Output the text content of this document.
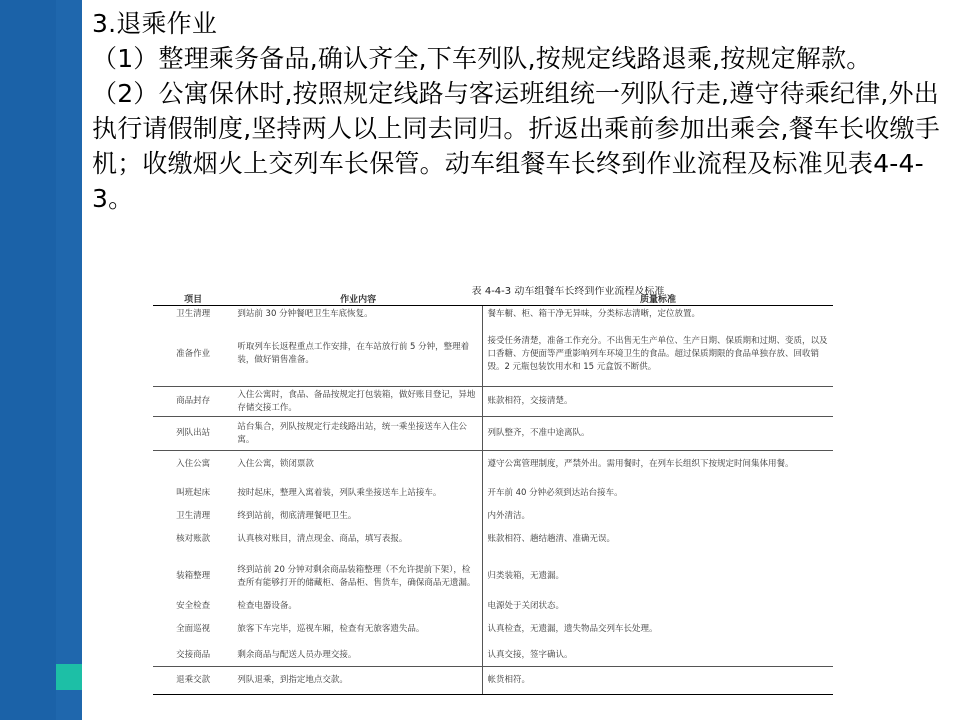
3.退乘作业

（1）整理乘务备品,确认齐全,下车列队,按规定线路退乘,按规定解款。

（2）公寓保休时,按照规定线路与客运班组统一列队行走,遵守待乘纪律,外出执行请假制度,坚持两人以上同去同归。折返出乘前参加出乘会,餐车长收缴手机；收缴烟火上交列车长保管。动车组餐车长终到作业流程及标准见表4-4-3。

表 4-4-3 动车组餐车长终到作业流程及标准
项目	作业内容	质量标准
卫生清理	到站前 30 分钟餐吧卫生车底恢复。	餐车橱、柜、箱干净无异味，分类标志清晰，定位放置。
准备作业	听取列车长返程重点工作安排，在车站放行前 5 分钟，整理着装，做好销售准备。	接受任务清楚，准备工作充分。不出售无生产单位、生产日期、保质期和过期、变质，以及口香糖、方便面等严重影响列车环境卫生的食品。超过保质期限的食品单独存放、回收销毁。2 元瓶包装饮用水和 15 元盒饭不断供。
商品封存	入住公寓时，食品、备品按规定打包装箱，做好账目登记，异地存储交接工作。	账款相符，交接清楚。
列队出站	站台集合，列队按规定行走线路出站，统一乘坐接送车入住公寓。	列队整齐，不准中途离队。
入住公寓	入住公寓，锁闭票款	遵守公寓管理制度，严禁外出。需用餐时，在列车长组织下按规定时间集体用餐。
叫班起床	按时起床，整理入寓着装，列队乘坐接送车上站接车。	开车前 40 分钟必须到达站台接车。
卫生清理	终到站前，彻底清理餐吧卫生。	内外清洁。
核对账款	认真核对账目，清点现金、商品，填写表报。	账款相符、趟结趟清、准确无误。
装箱整理	终到站前 20 分钟对剩余商品装箱整理（不允许提前下架），检查所有能够打开的储藏柜、备品柜、售货车，确保商品无遗漏。	归类装箱，无遗漏。
安全检查	检查电器设备。	电源处于关闭状态。
全面巡视	旅客下车完毕，巡视车厢，检查有无旅客遗失品。	认真检查，无遗漏，遗失物品交列车长处理。
交接商品	剩余商品与配送人员办理交接。	认真交接，签字确认。
退乘交款	列队退乘，到指定地点交款。	帐货相符。
